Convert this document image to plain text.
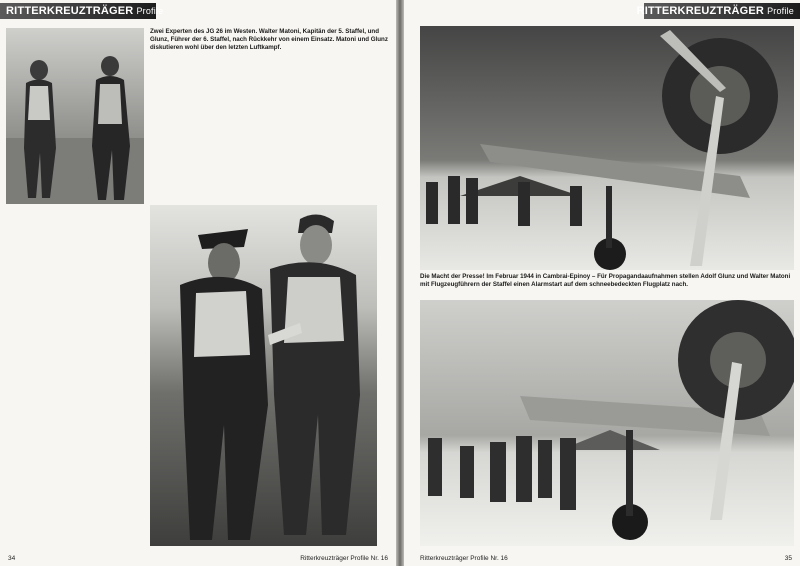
RITTERKREUZTRÄGER Profile
Zwei Experten des JG 26 im Westen. Walter Matoni, Kapitän der 5. Staffel, und Glunz, Führer der 6. Staffel, nach Rückkehr von einem Einsatz. Matoni und Glunz diskutieren wohl über den letzten Luftkampf.
34	Ritterkreuzträger Profile Nr. 16
RITTERKREUZTRÄGER Profile
Die Macht der Presse! Im Februar 1944 in Cambrai-Epinoy – Für Propagandaaufnahmen stellen Adolf Glunz und Walter Matoni mit Flugzeugführern der Staffel einen Alarmstart auf dem schneebedeckten Flugplatz nach.
Ritterkreuzträger Profile Nr. 16	35
